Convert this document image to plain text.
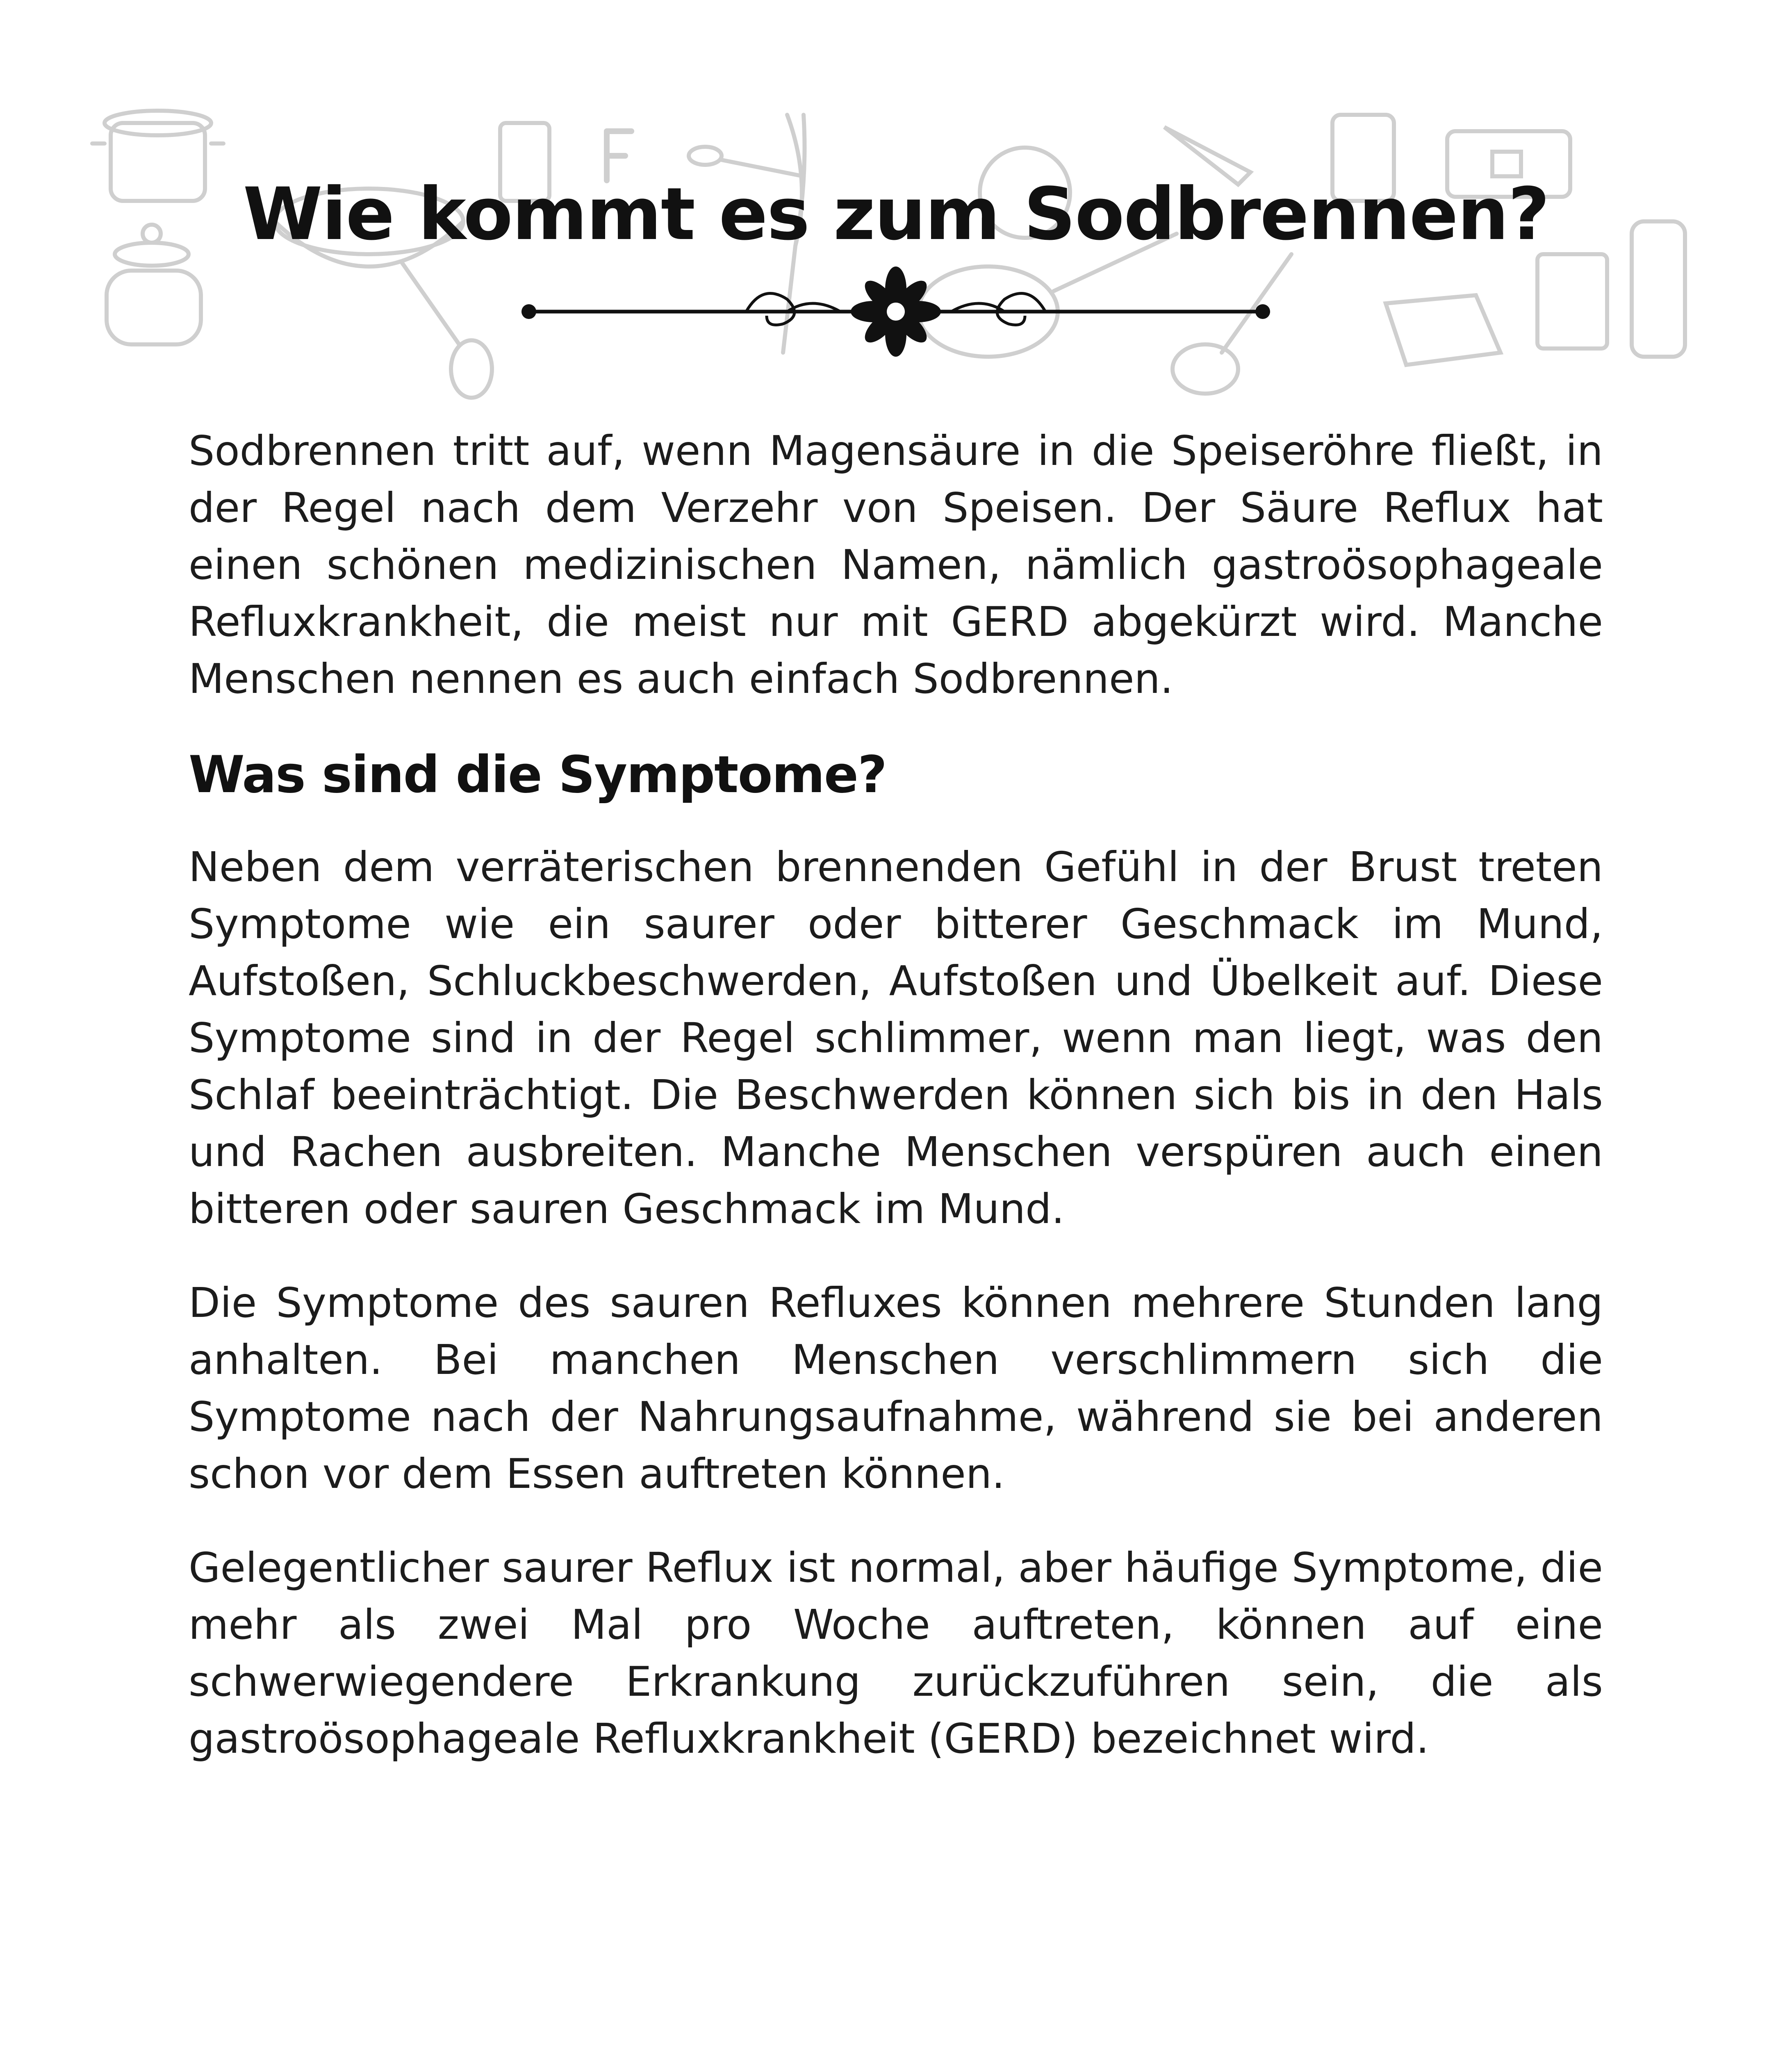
Wie kommt es zum Sodbrennen?

Sodbrennen tritt auf, wenn Magensäure in die Speiseröhre fließt, in der Regel nach dem Verzehr von Speisen. Der Säure Reflux hat einen schönen medizinischen Namen, nämlich gastroösophageale Refluxkrankheit, die meist nur mit GERD abgekürzt wird. Manche Menschen nennen es auch einfach Sodbrennen.

Was sind die Symptome?

Neben dem verräterischen brennenden Gefühl in der Brust treten Symptome wie ein saurer oder bitterer Geschmack im Mund, Aufstoßen, Schluckbeschwerden, Aufstoßen und Übelkeit auf. Diese Symptome sind in der Regel schlimmer, wenn man liegt, was den Schlaf beeinträchtigt. Die Beschwerden können sich bis in den Hals und Rachen ausbreiten. Manche Menschen verspüren auch einen bitteren oder sauren Geschmack im Mund.

Die Symptome des sauren Refluxes können mehrere Stunden lang anhalten. Bei manchen Menschen verschlimmern sich die Symptome nach der Nahrungsaufnahme, während sie bei anderen schon vor dem Essen auftreten können.

Gelegentlicher saurer Reflux ist normal, aber häufige Symptome, die mehr als zwei Mal pro Woche auftreten, können auf eine schwerwiegendere Erkrankung zurückzuführen sein, die als gastroösophageale Refluxkrankheit (GERD) bezeichnet wird.
